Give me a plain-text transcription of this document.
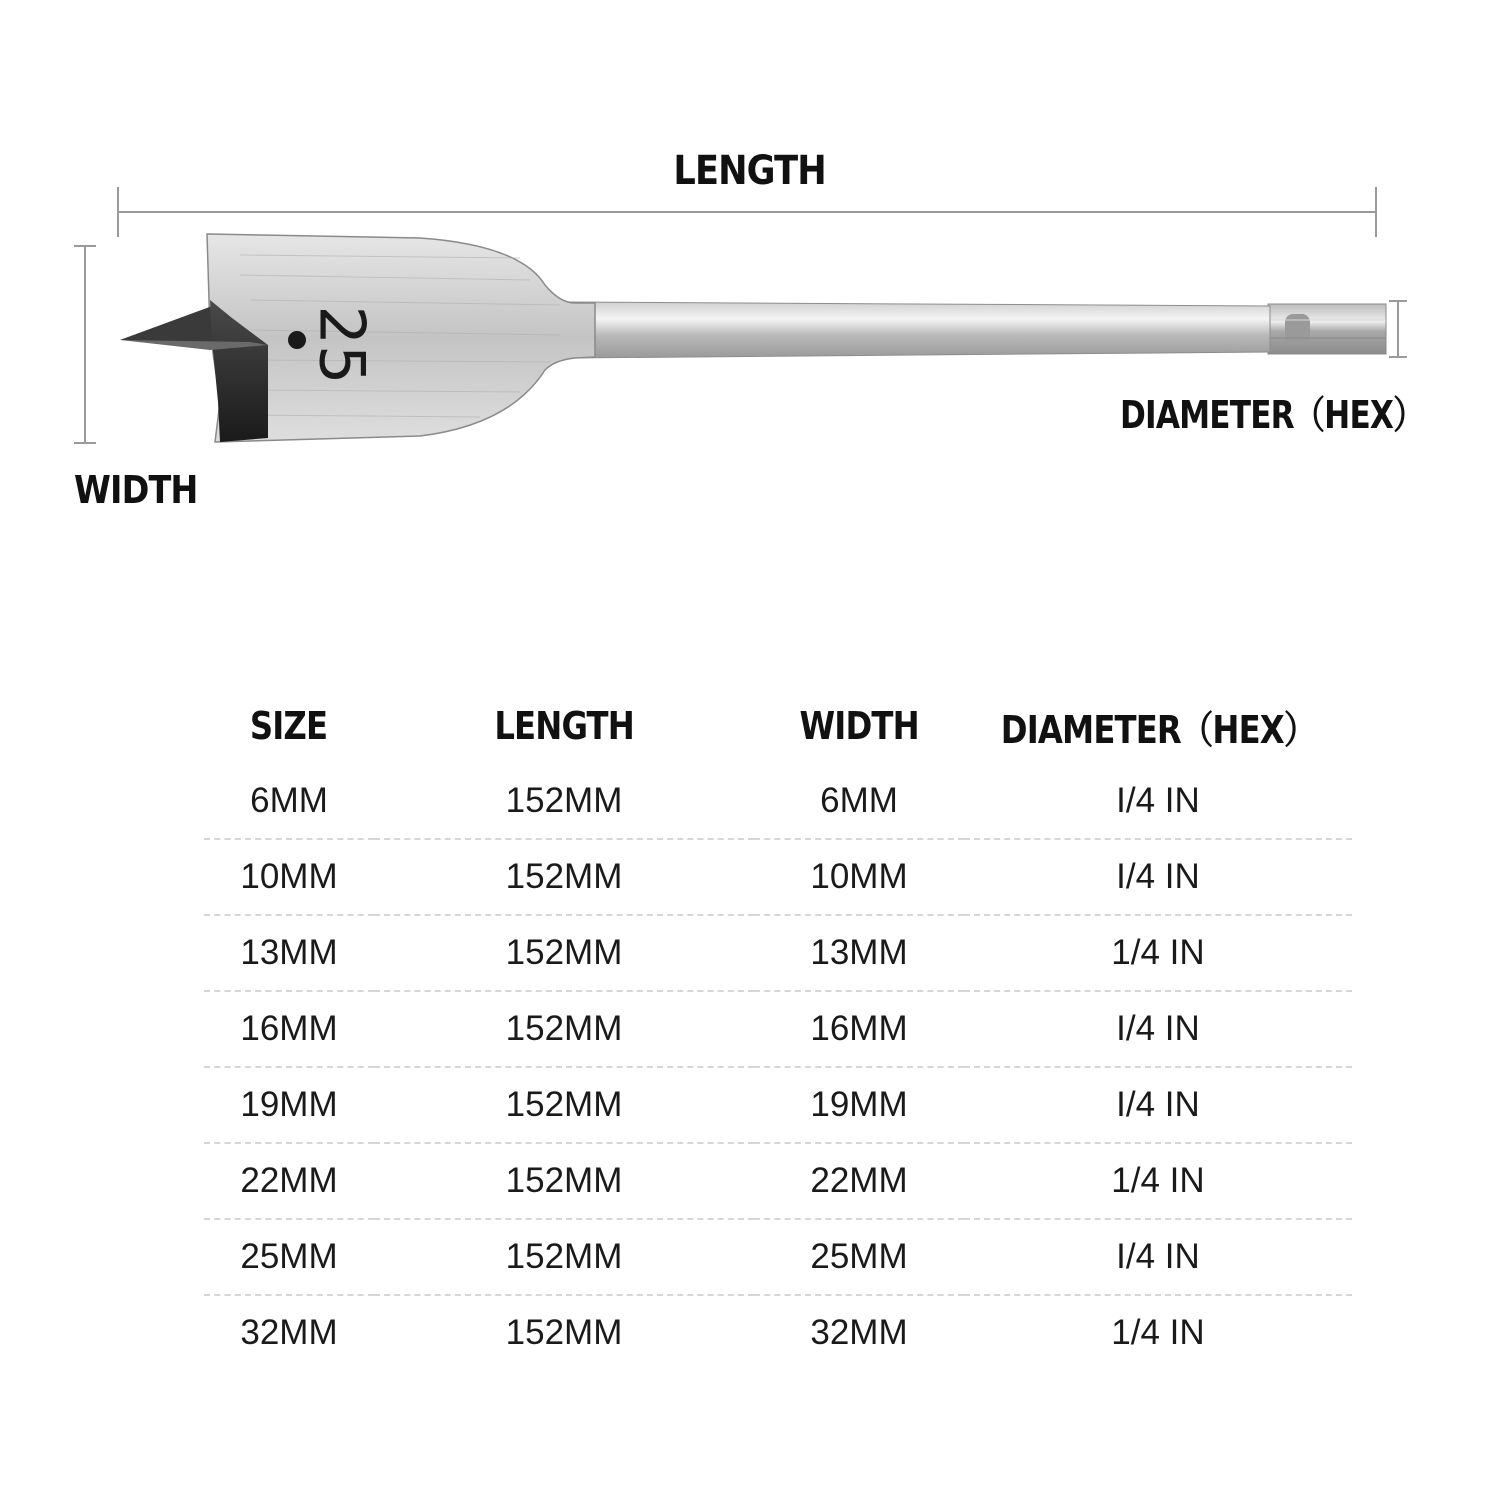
LENGTH
25
WIDTH
DIAMETER（HEX）
SIZE	LENGTH	WIDTH	DIAMETER（HEX）
6MM	152MM	6MM	I/4 IN
10MM	152MM	10MM	I/4 IN
13MM	152MM	13MM	1/4 IN
16MM	152MM	16MM	I/4 IN
19MM	152MM	19MM	I/4 IN
22MM	152MM	22MM	1/4 IN
25MM	152MM	25MM	I/4 IN
32MM	152MM	32MM	1/4 IN
